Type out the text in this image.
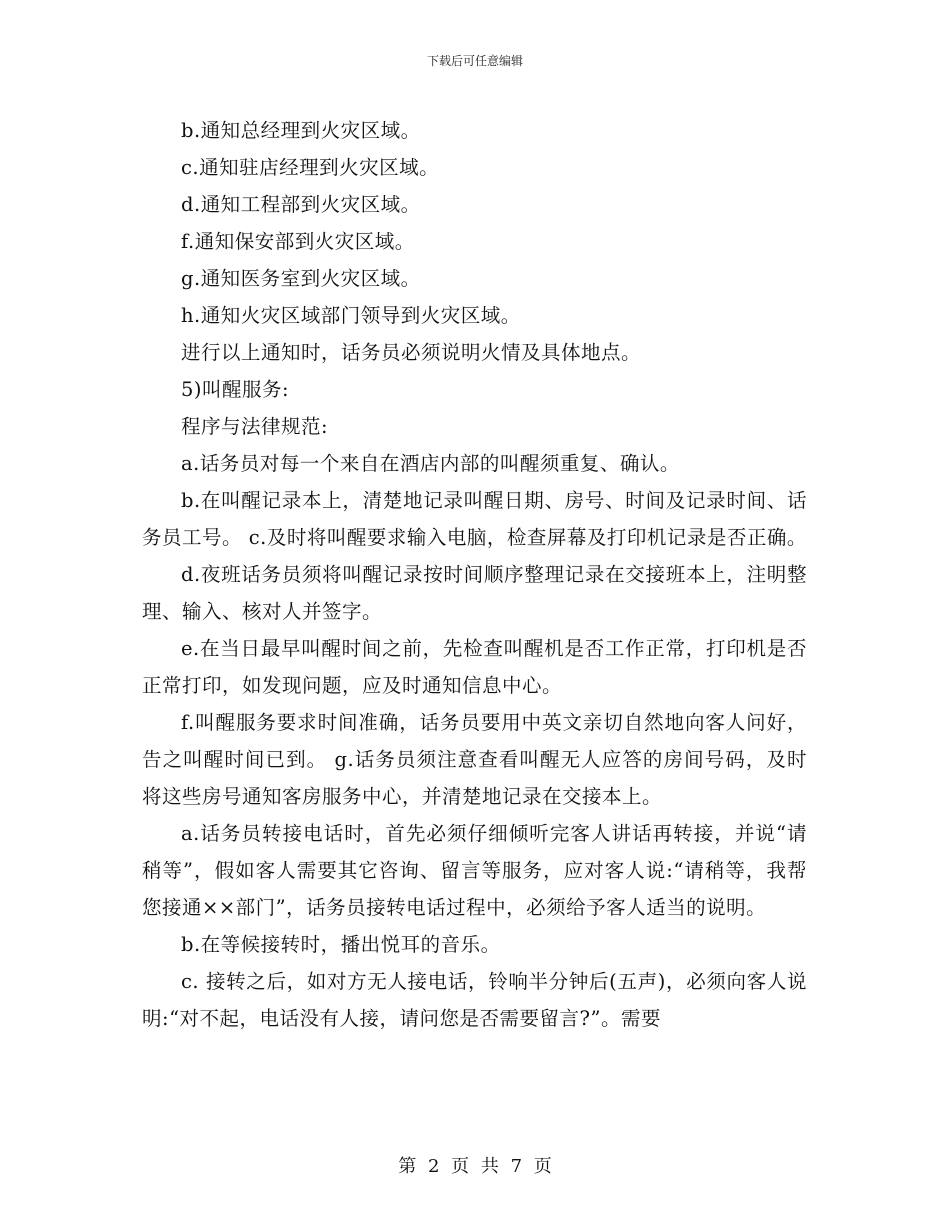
下载后可任意编辑

b.通知总经理到火灾区域。

c.通知驻店经理到火灾区域。

d.通知工程部到火灾区域。

f.通知保安部到火灾区域。

g.通知医务室到火灾区域。

h.通知火灾区域部门领导到火灾区域。

进行以上通知时，话务员必须说明火情及具体地点。

5)叫醒服务:

程序与法律规范:

a.话务员对每一个来自在酒店内部的叫醒须重复、确认。

b.在叫醒记录本上，清楚地记录叫醒日期、房号、时间及记录时间、话务员工号。 c.及时将叫醒要求输入电脑，检查屏幕及打印机记录是否正确。

d.夜班话务员须将叫醒记录按时间顺序整理记录在交接班本上，注明整理、输入、核对人并签字。

e.在当日最早叫醒时间之前，先检查叫醒机是否工作正常，打印机是否正常打印，如发现问题，应及时通知信息中心。

f.叫醒服务要求时间准确，话务员要用中英文亲切自然地向客人问好，告之叫醒时间已到。 g.话务员须注意查看叫醒无人应答的房间号码，及时将这些房号通知客房服务中心，并清楚地记录在交接本上。

a.话务员转接电话时，首先必须仔细倾听完客人讲话再转接，并说“请稍等”，假如客人需要其它咨询、留言等服务，应对客人说:“请稍等，我帮您接通××部门”，话务员接转电话过程中，必须给予客人适当的说明。

b.在等候接转时，播出悦耳的音乐。

c. 接转之后，如对方无人接电话，铃响半分钟后(五声)，必须向客人说明:“对不起，电话没有人接，请问您是否需要留言?”。需要

第 2 页 共 7 页
